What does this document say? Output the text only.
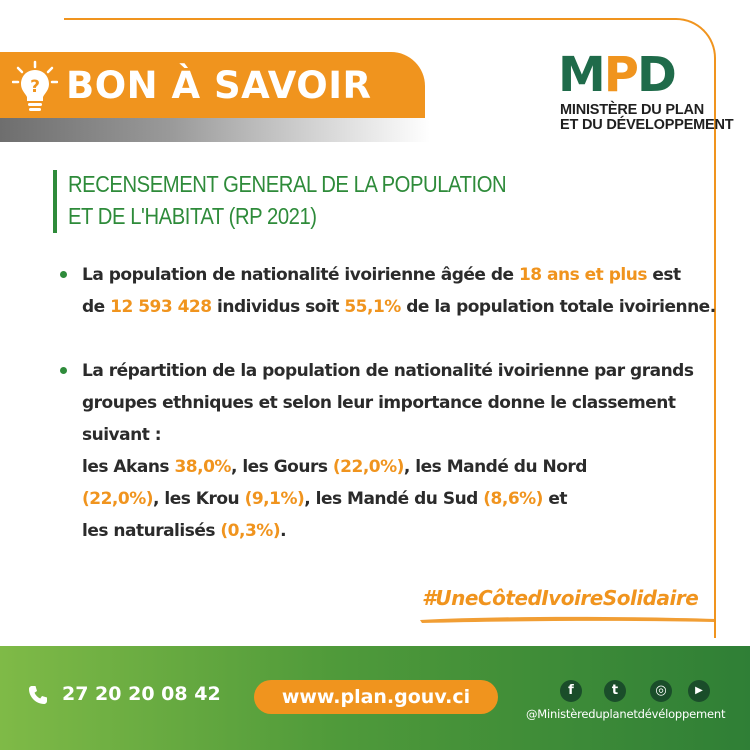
? BON À SAVOIR	MPD
MINISTÈRE DU PLAN
ET DU DÉVELOPPEMENT
RECENSEMENT GENERAL DE LA POPULATION
ET DE L'HABITAT (RP 2021)
La population de nationalité ivoirienne âgée de 18 ans et plus est
de 12 593 428 individus soit 55,1% de la population totale ivoirienne.
La répartition de la population de nationalité ivoirienne par grands
groupes ethniques et selon leur importance donne le classement
suivant :
les Akans 38,0%, les Gours (22,0%), les Mandé du Nord
(22,0%), les Krou (9,1%), les Mandé du Sud (8,6%) et
les naturalisés (0,3%).
#UneCôtedIvoireSolidaire
27 20 20 08 42	www.plan.gouv.ci	f	t	◎	▶
@Ministèreduplanetdévéloppement
